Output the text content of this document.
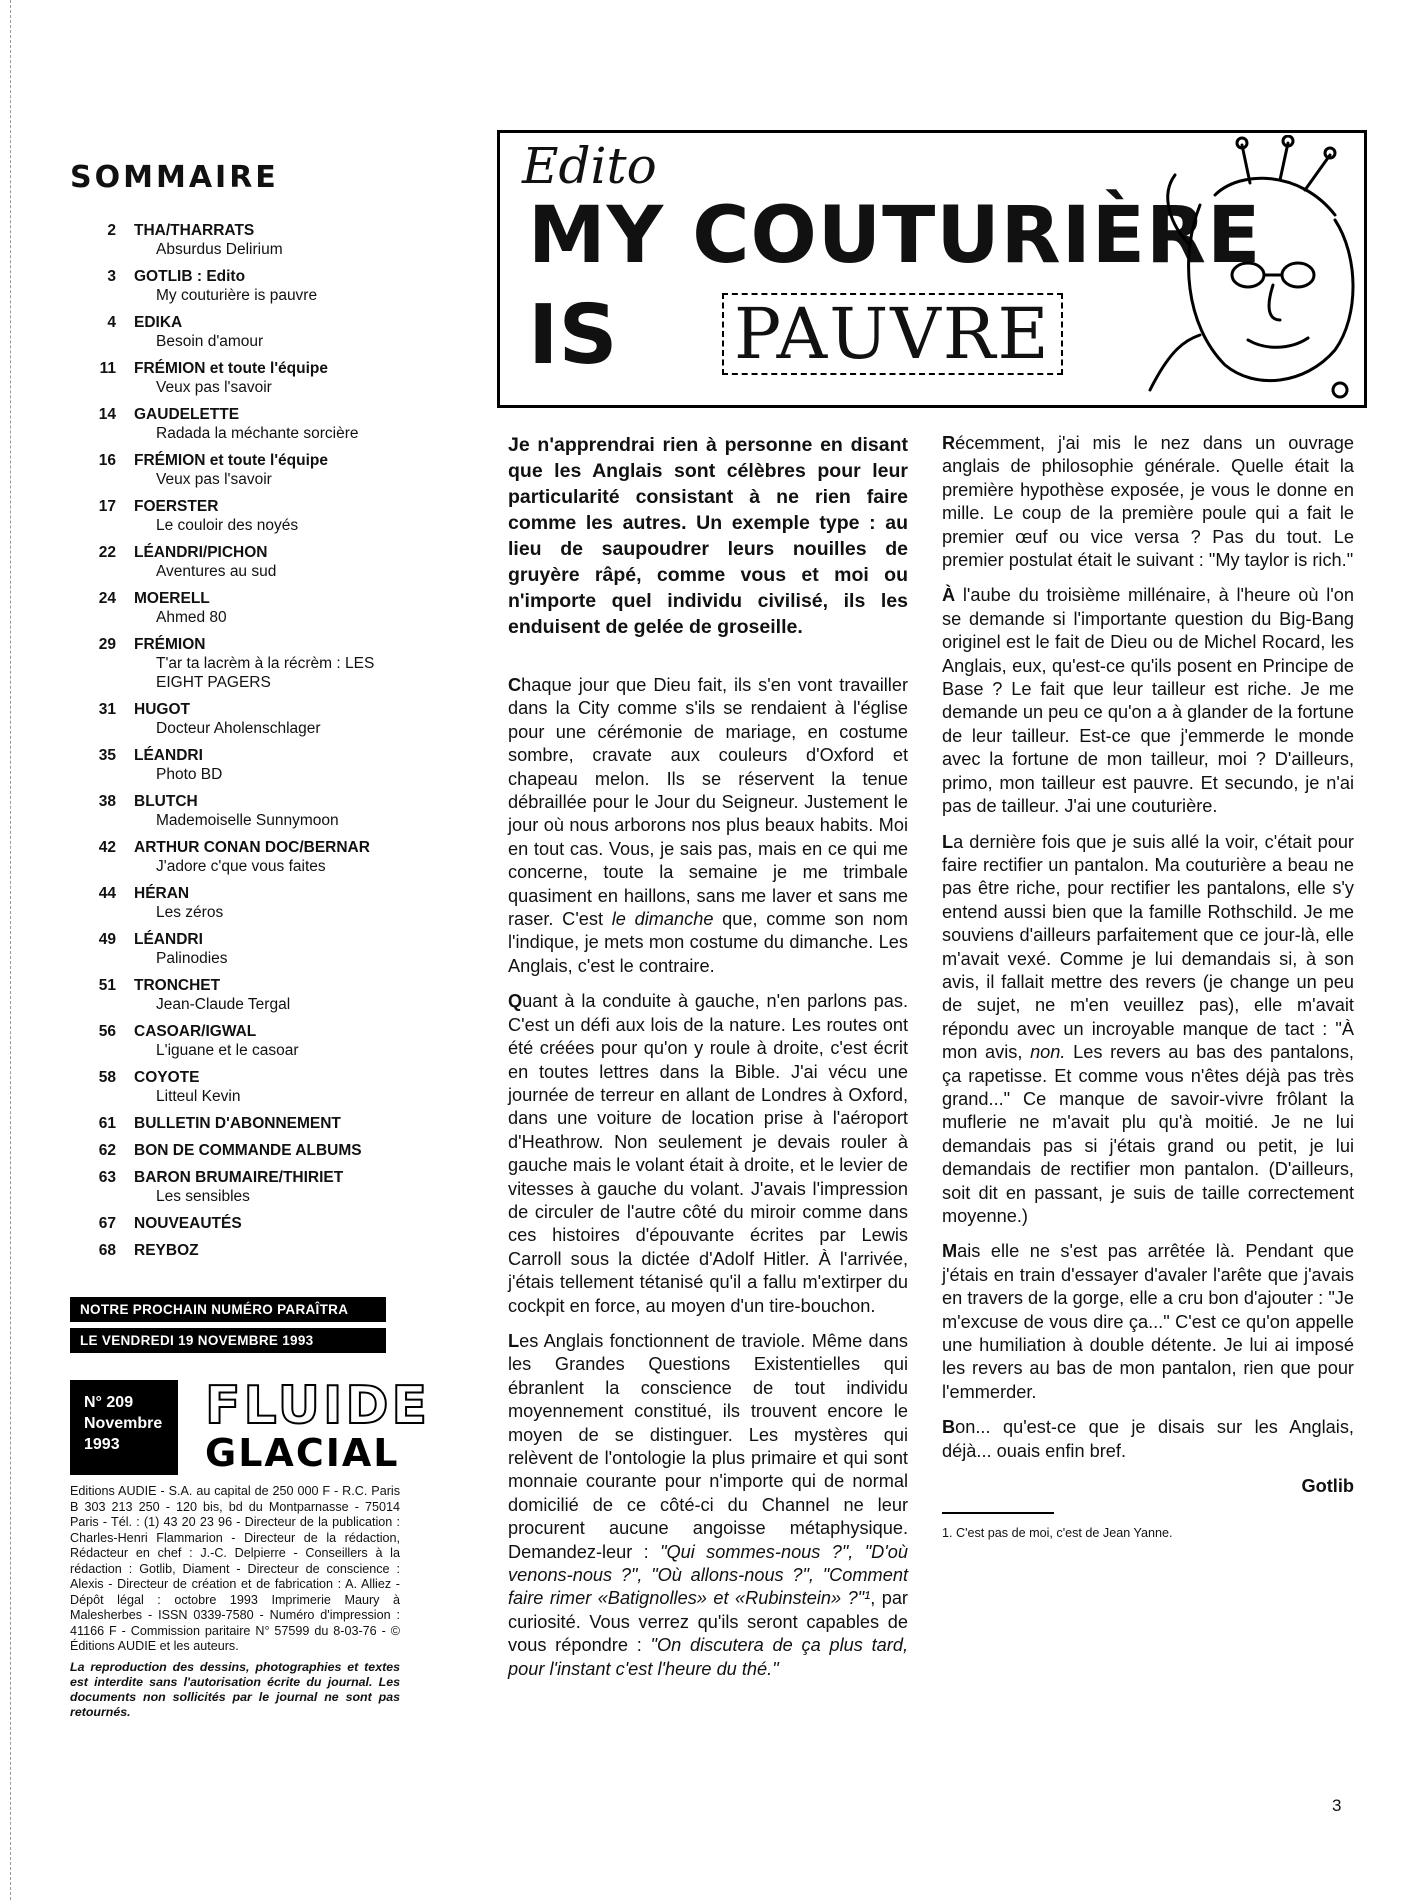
SOMMAIRE
2	THA/THARRATS
Absurdus Delirium
3	GOTLIB : Edito
My couturière is pauvre
4	EDIKA
Besoin d'amour
11	FRÉMION et toute l'équipe
Veux pas l'savoir
14	GAUDELETTE
Radada la méchante sorcière
16	FRÉMION et toute l'équipe
Veux pas l'savoir
17	FOERSTER
Le couloir des noyés
22	LÉANDRI/PICHON
Aventures au sud
24	MOERELL
Ahmed 80
29	FRÉMION
T'ar ta lacrèm à la récrèm : LES EIGHT PAGERS
31	HUGOT
Docteur Aholenschlager
35	LÉANDRI
Photo BD
38	BLUTCH
Mademoiselle Sunnymoon
42	ARTHUR CONAN DOC/BERNAR
J'adore c'que vous faites
44	HÉRAN
Les zéros
49	LÉANDRI
Palinodies
51	TRONCHET
Jean-Claude Tergal
56	CASOAR/IGWAL
L'iguane et le casoar
58	COYOTE
Litteul Kevin
61	BULLETIN D'ABONNEMENT
62	BON DE COMMANDE ALBUMS
63	BARON BRUMAIRE/THIRIET
Les sensibles
67	NOUVEAUTÉS
68	REYBOZ
NOTRE PROCHAIN NUMÉRO PARAÎTRA
LE VENDREDI 19 NOVEMBRE 1993
N° 209
Novembre
1993
FLUIDE
GLACIAL
Editions AUDIE - S.A. au capital de 250 000 F - R.C. Paris B 303 213 250 - 120 bis, bd du Montparnasse - 75014 Paris - Tél. : (1) 43 20 23 96 - Directeur de la publication : Charles-Henri Flammarion - Directeur de la rédaction, Rédacteur en chef : J.-C. Delpierre - Conseillers à la rédaction : Gotlib, Diament - Directeur de conscience : Alexis - Directeur de création et de fabrication : A. Alliez - Dépôt légal : octobre 1993 Imprimerie Maury à Malesherbes - ISSN 0339-7580 - Numéro d'impression : 41166 F - Commission paritaire N° 57599 du 8-03-76 - © Éditions AUDIE et les auteurs.
La reproduction des dessins, photographies et textes est interdite sans l'autorisation écrite du journal. Les documents non sollicités par le journal ne sont pas retournés.
Edito
MY COUTURIÈRE
IS PAUVRE

Je n'apprendrai rien à personne en disant que les Anglais sont célèbres pour leur particularité consistant à ne rien faire comme les autres. Un exemple type : au lieu de saupoudrer leurs nouilles de gruyère râpé, comme vous et moi ou n'importe quel individu civilisé, ils les enduisent de gelée de groseille.

Chaque jour que Dieu fait, ils s'en vont travailler dans la City comme s'ils se rendaient à l'église pour une cérémonie de mariage, en costume sombre, cravate aux couleurs d'Oxford et chapeau melon. Ils se réservent la tenue débraillée pour le Jour du Seigneur. Justement le jour où nous arborons nos plus beaux habits. Moi en tout cas. Vous, je sais pas, mais en ce qui me concerne, toute la semaine je me trimbale quasiment en haillons, sans me laver et sans me raser. C'est le dimanche que, comme son nom l'indique, je mets mon costume du dimanche. Les Anglais, c'est le contraire.

Quant à la conduite à gauche, n'en parlons pas. C'est un défi aux lois de la nature. Les routes ont été créées pour qu'on y roule à droite, c'est écrit en toutes lettres dans la Bible. J'ai vécu une journée de terreur en allant de Londres à Oxford, dans une voiture de location prise à l'aéroport d'Heathrow. Non seulement je devais rouler à gauche mais le volant était à droite, et le levier de vitesses à gauche du volant. J'avais l'impression de circuler de l'autre côté du miroir comme dans ces histoires d'épouvante écrites par Lewis Carroll sous la dictée d'Adolf Hitler. À l'arrivée, j'étais tellement tétanisé qu'il a fallu m'extirper du cockpit en force, au moyen d'un tire-bouchon.

Les Anglais fonctionnent de traviole. Même dans les Grandes Questions Existentielles qui ébranlent la conscience de tout individu moyennement constitué, ils trouvent encore le moyen de se distinguer. Les mystères qui relèvent de l'ontologie la plus primaire et qui sont monnaie courante pour n'importe qui de normal domicilié de ce côté-ci du Channel ne leur procurent aucune angoisse métaphysique. Demandez-leur : "Qui sommes-nous ?", "D'où venons-nous ?", "Où allons-nous ?", "Comment faire rimer «Batignolles» et «Rubinstein» ?"¹, par curiosité. Vous verrez qu'ils seront capables de vous répondre : "On discutera de ça plus tard, pour l'instant c'est l'heure du thé."

Récemment, j'ai mis le nez dans un ouvrage anglais de philosophie générale. Quelle était la première hypothèse exposée, je vous le donne en mille. Le coup de la première poule qui a fait le premier œuf ou vice versa ? Pas du tout. Le premier postulat était le suivant : "My taylor is rich."

À l'aube du troisième millénaire, à l'heure où l'on se demande si l'importante question du Big-Bang originel est le fait de Dieu ou de Michel Rocard, les Anglais, eux, qu'est-ce qu'ils posent en Principe de Base ? Le fait que leur tailleur est riche. Je me demande un peu ce qu'on a à glander de la fortune de leur tailleur. Est-ce que j'emmerde le monde avec la fortune de mon tailleur, moi ? D'ailleurs, primo, mon tailleur est pauvre. Et secundo, je n'ai pas de tailleur. J'ai une couturière.

La dernière fois que je suis allé la voir, c'était pour faire rectifier un pantalon. Ma couturière a beau ne pas être riche, pour rectifier les pantalons, elle s'y entend aussi bien que la famille Rothschild. Je me souviens d'ailleurs parfaitement que ce jour-là, elle m'avait vexé. Comme je lui demandais si, à son avis, il fallait mettre des revers (je change un peu de sujet, ne m'en veuillez pas), elle m'avait répondu avec un incroyable manque de tact : "À mon avis, non. Les revers au bas des pantalons, ça rapetisse. Et comme vous n'êtes déjà pas très grand..." Ce manque de savoir-vivre frôlant la muflerie ne m'avait plu qu'à moitié. Je ne lui demandais pas si j'étais grand ou petit, je lui demandais de rectifier mon pantalon. (D'ailleurs, soit dit en passant, je suis de taille correctement moyenne.)

Mais elle ne s'est pas arrêtée là. Pendant que j'étais en train d'essayer d'avaler l'arête que j'avais en travers de la gorge, elle a cru bon d'ajouter : "Je m'excuse de vous dire ça..." C'est ce qu'on appelle une humiliation à double détente. Je lui ai imposé les revers au bas de mon pantalon, rien que pour l'emmerder.

Bon... qu'est-ce que je disais sur les Anglais, déjà... ouais enfin bref.

Gotlib

1. C'est pas de moi, c'est de Jean Yanne.

3
